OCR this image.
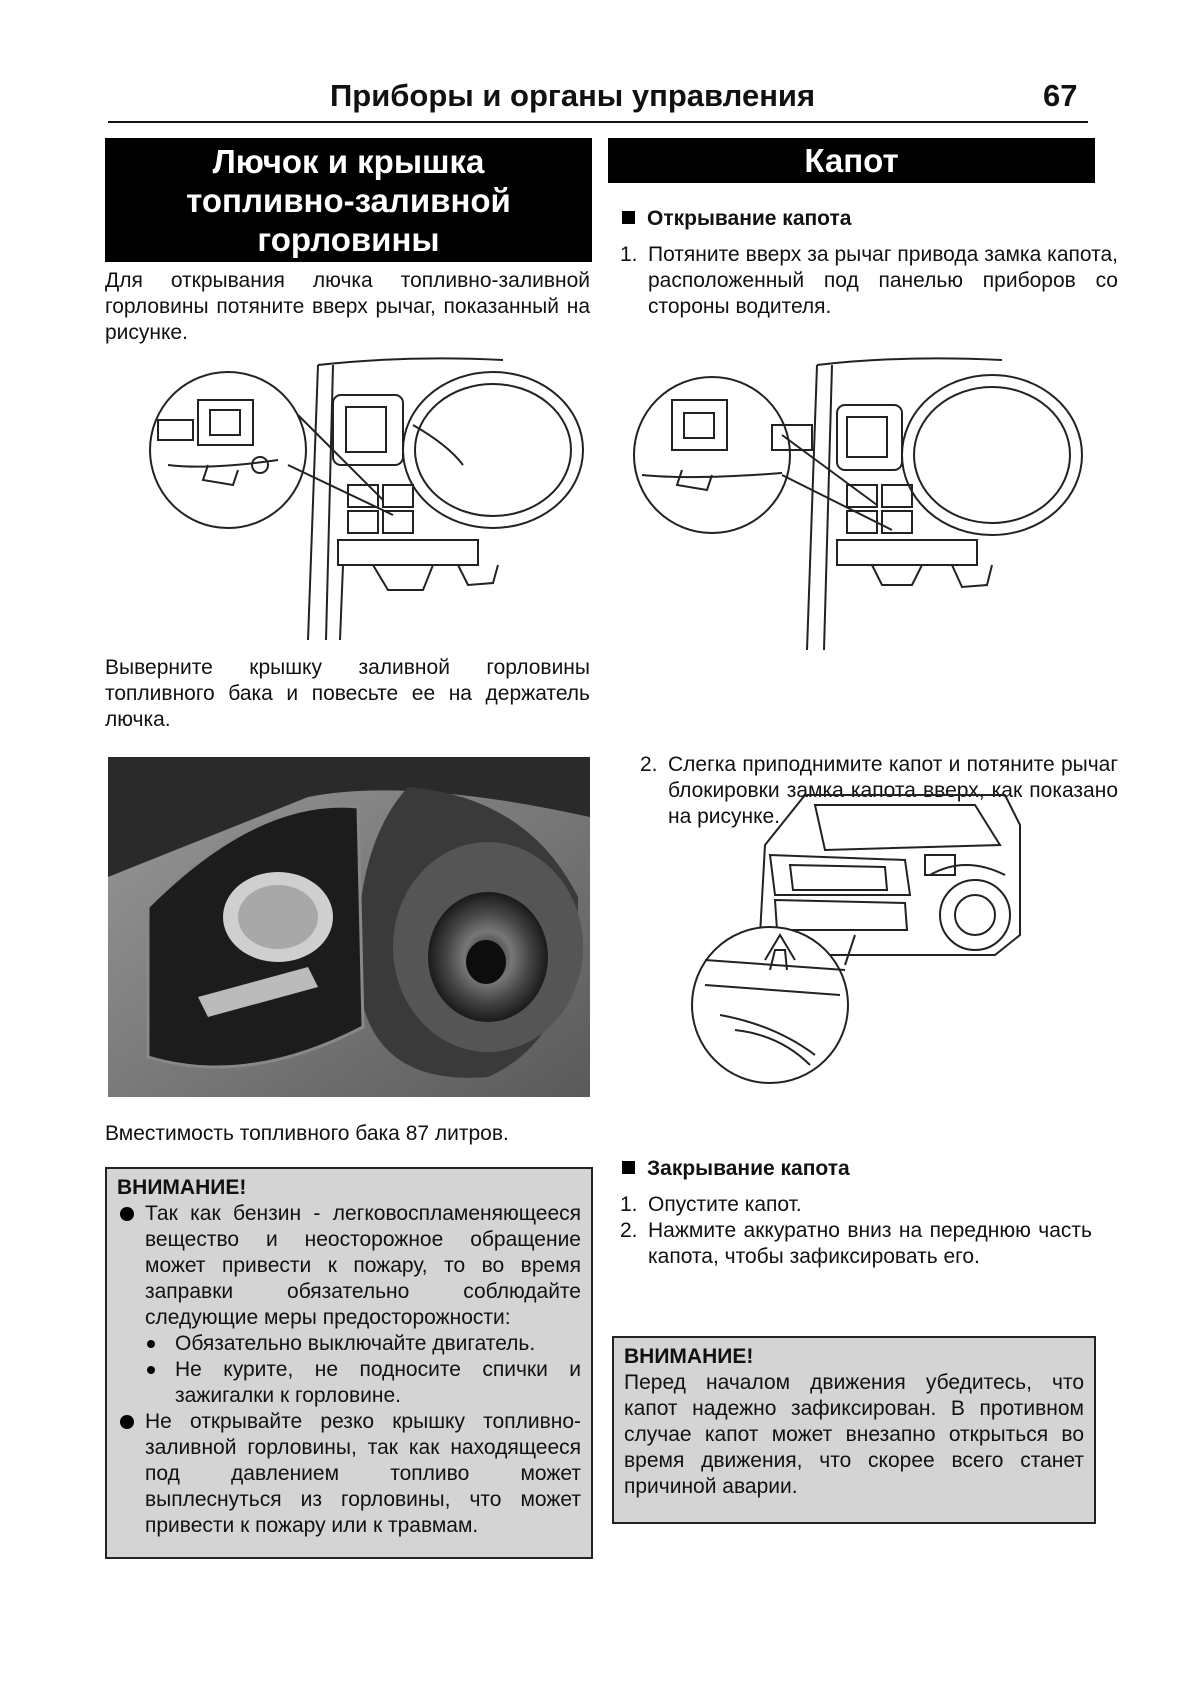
Приборы и органы управления	67
Лючок и крышка
топливно-заливной
горловины
Для открывания лючка топливно-заливной горловины потяните вверх рычаг, показанный на рисунке.
Выверните крышку заливной горловины топливного бака и повесьте ее на держатель лючка.
Вместимость топливного бака 87 литров.
ВНИМАНИЕ!
Так как бензин - легковоспламеняющееся вещество и неосторожное обращение может привести к пожару, то во время заправки обязательно соблюдайте следующие меры предосторожности:
Обязательно выключайте двигатель.
Не курите, не подносите спички и зажигалки к горловине.
Не открывайте резко крышку топливно-заливной горловины, так как находящееся под давлением топливо может выплеснуться из горловины, что может привести к пожару или к травмам.
Капот
Открывание капота
1. Потяните вверх за рычаг привода замка капота, расположенный под панелью приборов со стороны водителя.
2. Слегка приподнимите капот и потяните рычаг блокировки замка капота вверх, как показано на рисунке.
Закрывание капота
1. Опустите капот.
2. Нажмите аккуратно вниз на переднюю часть капота, чтобы зафиксировать его.
ВНИМАНИЕ!
Перед началом движения убедитесь, что капот надежно зафиксирован. В противном случае капот может внезапно открыться во время движения, что скорее всего станет причиной аварии.
